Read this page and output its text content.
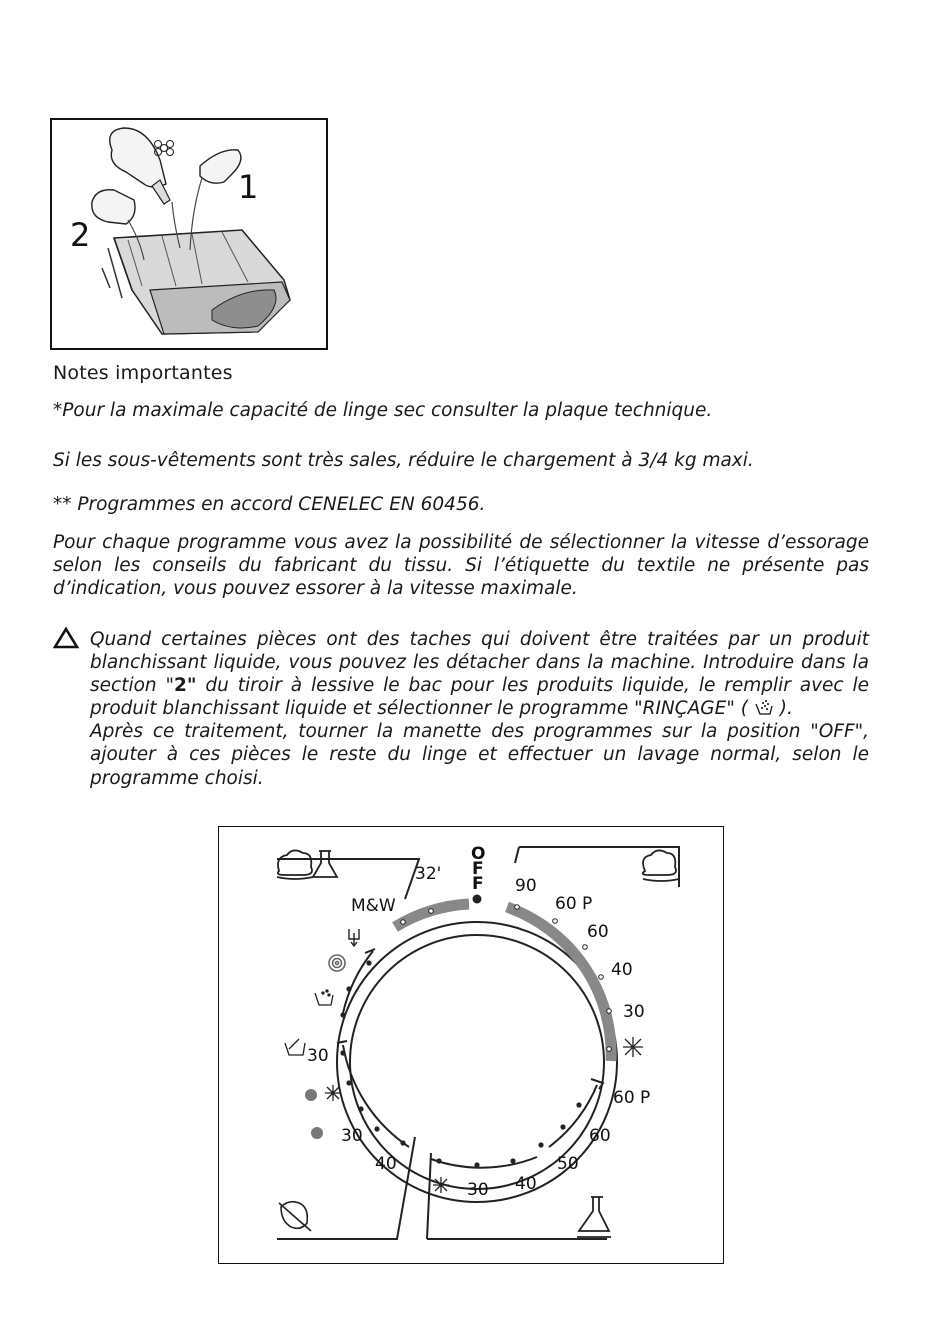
1
2
Notes importantes

*Pour la maximale capacité de linge sec consulter la plaque technique.

Si les sous-vêtements sont très sales, réduire le chargement à 3/4 kg maxi.

** Programmes en accord CENELEC EN 60456.

Pour chaque programme vous avez la possibilité de sélectionner la vitesse d’essorage selon les conseils du fabricant du tissu. Si l’étiquette du textile ne présente pas d’indication, vous pouvez essorer à la vitesse maximale.

Quand certaines pièces ont des taches qui doivent être traitées par un produit blanchissant liquide, vous pouvez les détacher dans la machine. Introduire dans la section "2" du tiroir à lessive le bac pour les produits liquide, le remplir avec le produit blanchissant liquide et sélectionner le programme "RINÇAGE" ( ).

Après ce traitement, tourner la manette des programmes sur la position "OFF", ajouter à ces pièces le reste du linge et effectuer un lavage normal, selon le programme choisi.

O
F
F 90
60 P
60
40
30
60 P
60
50
40
30
M&W
32'
30
30
40
